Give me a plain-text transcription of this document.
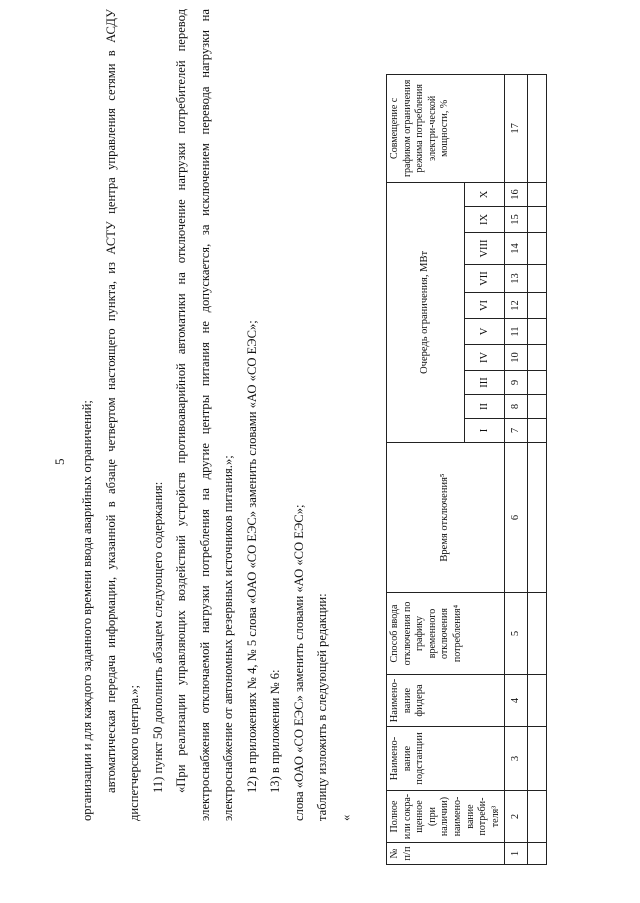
5	организации и для каждого заданного времени ввода аварийных ограничений; автоматическая передача информации, указанной в абзаце четвертом настоящего пункта, из АСТУ центра управления сетями в АСДУ диспетчерского центра.»; 11) пункт 50 дополнить абзацем следующего содержания: «При реализации управляющих воздействий устройств противоаварийной автоматики на отключение нагрузки потребителей перевод электроснабжения отключаемой нагрузки потребления на другие центры питания не допускается, за исключением перевода нагрузки на электроснабжение от автономных резервных источников питания.»; 12) в приложениях № 4, № 5 слова «ОАО «СО ЕЭС» заменить словами «АО «СО ЕЭС»; 13) в приложении № 6: слова «ОАО «СО ЕЭС» заменить словами «АО «СО ЕЭС»; таблицу изложить в следующей редакции: «
№ п/п	Полное или сокра-щенное (при наличии) наимено-вание потреби-теля³	Наимено-вание подстанции	Наимено-вание фидера	Способ ввода отключения по графику временного отключения потребления⁴	Время отключения⁵	Очередь ограничения, МВт										Совмещение с графиком ограничения режима потребления электри-ческой мощности, %
						I	II	III	IV	V	VI	VII	VIII	IX	X	
1	2	3	4	5	6	7	8	9	10	11	12	13	14	15	16	17
